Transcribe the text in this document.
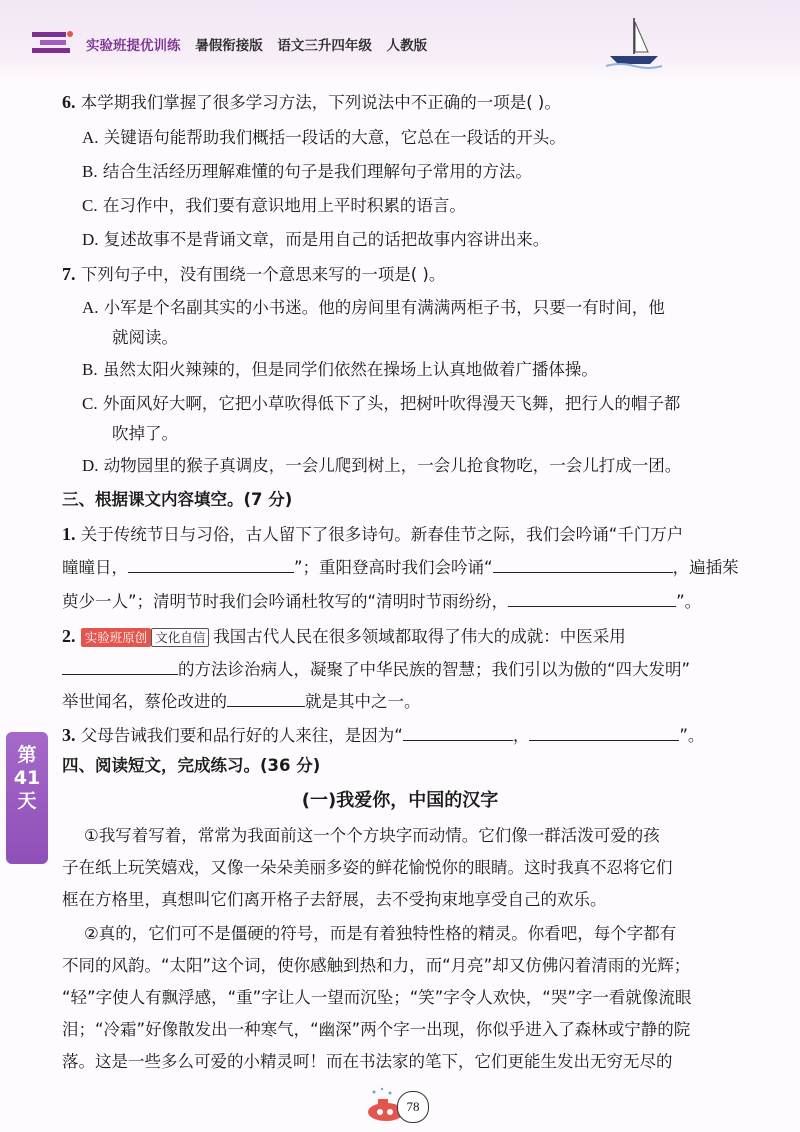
实验班提优训练 暑假衔接版 语文三升四年级 人教版
第41天
6. 本学期我们掌握了很多学习方法，下列说法中不正确的一项是( )。
A. 关键语句能帮助我们概括一段话的大意，它总在一段话的开头。
B. 结合生活经历理解难懂的句子是我们理解句子常用的方法。
C. 在习作中，我们要有意识地用上平时积累的语言。
D. 复述故事不是背诵文章，而是用自己的话把故事内容讲出来。
7. 下列句子中，没有围绕一个意思来写的一项是( )。
A. 小军是个名副其实的小书迷。他的房间里有满满两柜子书，只要一有时间，他
就阅读。
B. 虽然太阳火辣辣的，但是同学们依然在操场上认真地做着广播体操。
C. 外面风好大啊，它把小草吹得低下了头，把树叶吹得漫天飞舞，把行人的帽子都
吹掉了。
D. 动物园里的猴子真调皮，一会儿爬到树上，一会儿抢食物吃，一会儿打成一团。
三、根据课文内容填空。(7 分)
1. 关于传统节日与习俗，古人留下了很多诗句。新春佳节之际，我们会吟诵“千门万户
曈曈日，	”；重阳登高时我们会吟诵“	，遍插茱
萸少一人”；清明节时我们会吟诵杜牧写的“清明时节雨纷纷，	”。
2. 实验班原创 文化自信 我国古代人民在很多领域都取得了伟大的成就：中医采用
的方法诊治病人，凝聚了中华民族的智慧；我们引以为傲的“四大发明”
举世闻名，蔡伦改进的	就是其中之一。
3. 父母告诫我们要和品行好的人来往，是因为“	，	”。
四、阅读短文，完成练习。(36 分)
(一)我爱你，中国的汉字
①我写着写着，常常为我面前这一个个方块字而动情。它们像一群活泼可爱的孩
子在纸上玩笑嬉戏，又像一朵朵美丽多姿的鲜花愉悦你的眼睛。这时我真不忍将它们
框在方格里，真想叫它们离开格子去舒展，去不受拘束地享受自己的欢乐。
②真的，它们可不是僵硬的符号，而是有着独特性格的精灵。你看吧，每个字都有
不同的风韵。“太阳”这个词，使你感触到热和力，而“月亮”却又仿佛闪着清雨的光辉；
“轻”字使人有飘浮感，“重”字让人一望而沉坠；“笑”字令人欢快，“哭”字一看就像流眼
泪；“冷霜”好像散发出一种寒气，“幽深”两个字一出现，你似乎进入了森林或宁静的院
落。这是一些多么可爱的小精灵呵！而在书法家的笔下，它们更能生发出无穷无尽的
78
